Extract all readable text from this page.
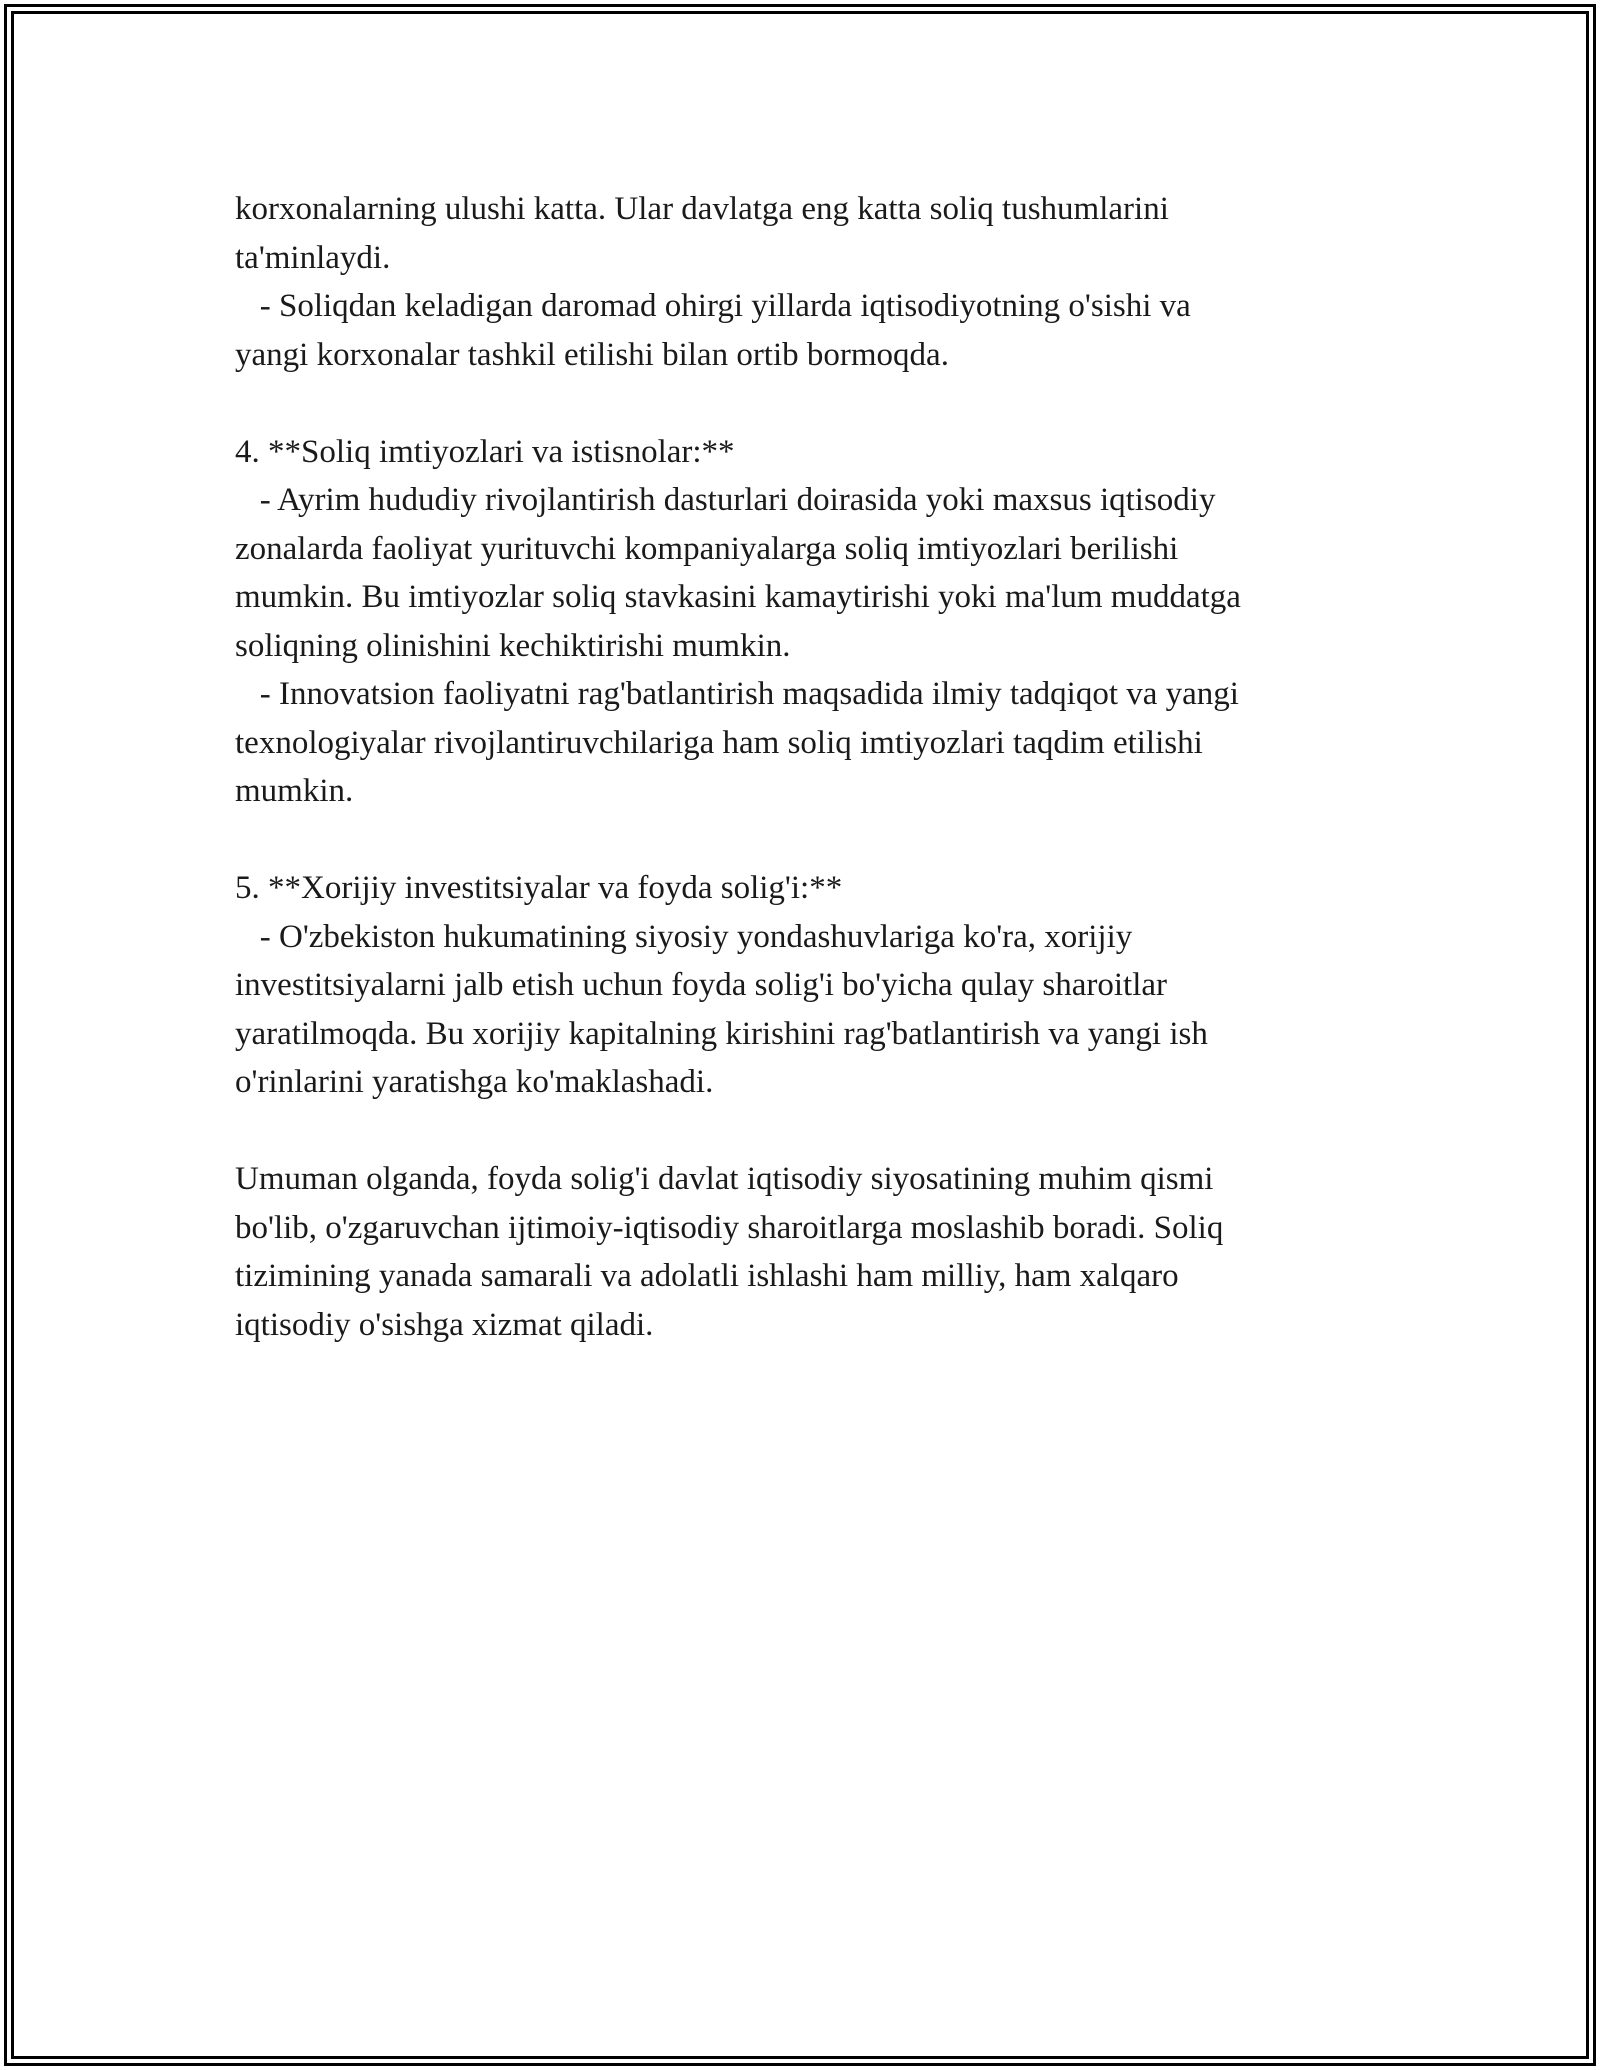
korxonalarning ulushi katta. Ular davlatga eng katta soliq tushumlarini
ta'minlaydi.
- Soliqdan keladigan daromad ohirgi yillarda iqtisodiyotning o'sishi va
yangi korxonalar tashkil etilishi bilan ortib bormoqda.
4. **Soliq imtiyozlari va istisnolar:**
- Ayrim hududiy rivojlantirish dasturlari doirasida yoki maxsus iqtisodiy
zonalarda faoliyat yurituvchi kompaniyalarga soliq imtiyozlari berilishi
mumkin. Bu imtiyozlar soliq stavkasini kamaytirishi yoki ma'lum muddatga
soliqning olinishini kechiktirishi mumkin.
- Innovatsion faoliyatni rag'batlantirish maqsadida ilmiy tadqiqot va yangi
texnologiyalar rivojlantiruvchilariga ham soliq imtiyozlari taqdim etilishi
mumkin.
5. **Xorijiy investitsiyalar va foyda solig'i:**
- O'zbekiston hukumatining siyosiy yondashuvlariga ko'ra, xorijiy
investitsiyalarni jalb etish uchun foyda solig'i bo'yicha qulay sharoitlar
yaratilmoqda. Bu xorijiy kapitalning kirishini rag'batlantirish va yangi ish
o'rinlarini yaratishga ko'maklashadi.
Umuman olganda, foyda solig'i davlat iqtisodiy siyosatining muhim qismi
bo'lib, o'zgaruvchan ijtimoiy-iqtisodiy sharoitlarga moslashib boradi. Soliq
tizimining yanada samarali va adolatli ishlashi ham milliy, ham xalqaro
iqtisodiy o'sishga xizmat qiladi.
